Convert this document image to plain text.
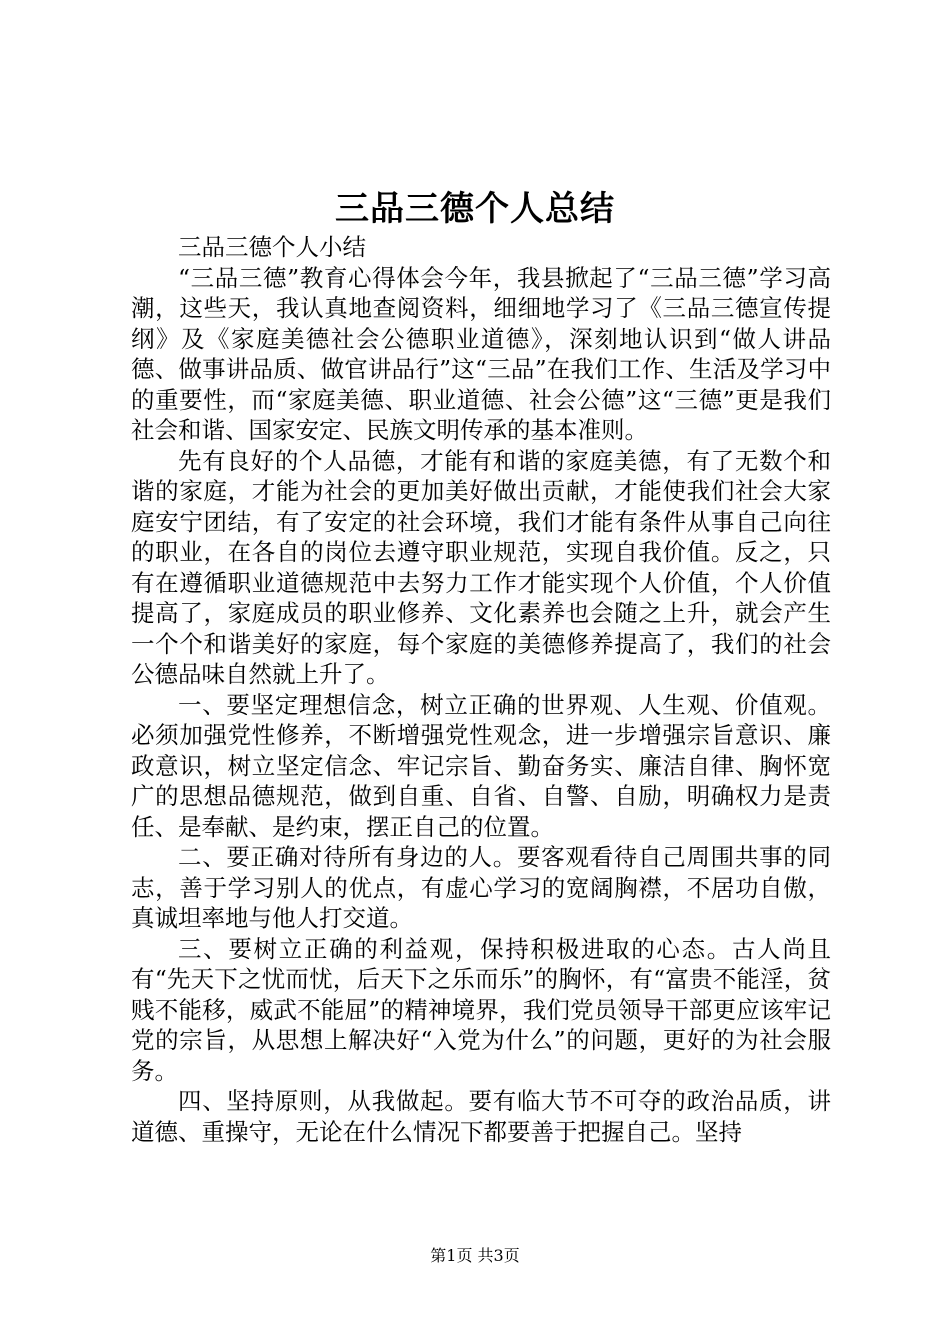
三品三德个人总结

三品三德个人小结

“三品三德”教育心得体会今年，我县掀起了“三品三德”学习高潮，这些天，我认真地查阅资料，细细地学习了《三品三德宣传提纲》及《家庭美德社会公德职业道德》，深刻地认识到“做人讲品德、做事讲品质、做官讲品行”这“三品”在我们工作、生活及学习中的重要性，而“家庭美德、职业道德、社会公德”这“三德”更是我们社会和谐、国家安定、民族文明传承的基本准则。

先有良好的个人品德，才能有和谐的家庭美德，有了无数个和谐的家庭，才能为社会的更加美好做出贡献，才能使我们社会大家庭安宁团结，有了安定的社会环境，我们才能有条件从事自己向往的职业，在各自的岗位去遵守职业规范，实现自我价值。反之，只有在遵循职业道德规范中去努力工作才能实现个人价值，个人价值提高了，家庭成员的职业修养、文化素养也会随之上升，就会产生一个个和谐美好的家庭，每个家庭的美德修养提高了，我们的社会公德品味自然就上升了。

一、要坚定理想信念，树立正确的世界观、人生观、价值观。必须加强党性修养，不断增强党性观念，进一步增强宗旨意识、廉政意识，树立坚定信念、牢记宗旨、勤奋务实、廉洁自律、胸怀宽广的思想品德规范，做到自重、自省、自警、自励，明确权力是责任、是奉献、是约束，摆正自己的位置。

二、要正确对待所有身边的人。要客观看待自己周围共事的同志，善于学习别人的优点，有虚心学习的宽阔胸襟，不居功自傲，真诚坦率地与他人打交道。

三、要树立正确的利益观，保持积极进取的心态。古人尚且有“先天下之忧而忧，后天下之乐而乐”的胸怀，有“富贵不能淫，贫贱不能移，威武不能屈”的精神境界，我们党员领导干部更应该牢记党的宗旨，从思想上解决好“入党为什么”的问题，更好的为社会服务。

四、坚持原则，从我做起。要有临大节不可夺的政治品质，讲道德、重操守，无论在什么情况下都要善于把握自己。坚持

第1页 共3页
